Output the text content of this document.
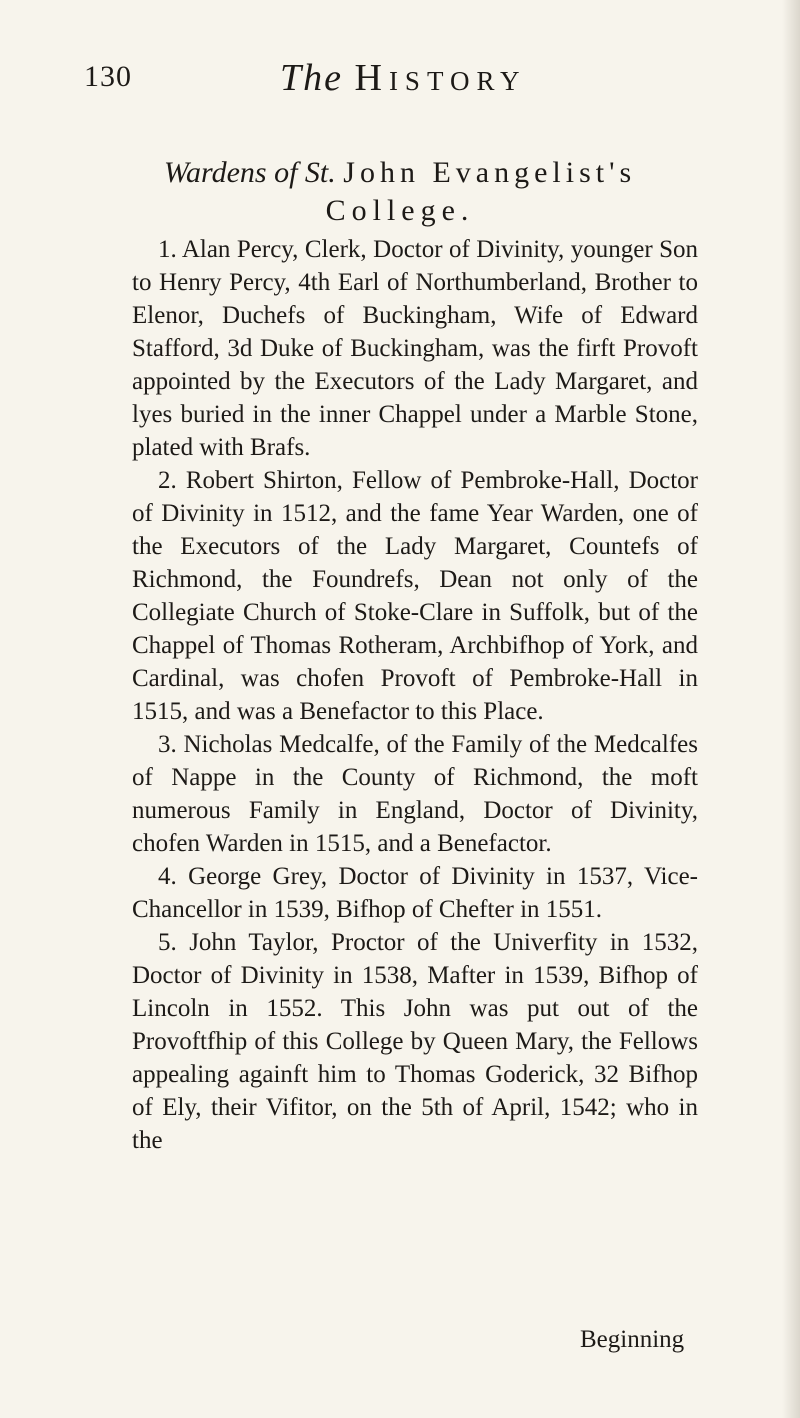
130	The History
Wardens of St. John Evangelist's
College.

1. Alan Percy, Clerk, Doctor of Divinity, younger Son to Henry Percy, 4th Earl of Northumberland, Brother to Elenor, Duchefs of Buckingham, Wife of Edward Stafford, 3d Duke of Buckingham, was the firft Provoft appointed by the Executors of the Lady Margaret, and lyes buried in the inner Chappel under a Marble Stone, plated with Brafs.

2. Robert Shirton, Fellow of Pembroke-Hall, Doctor of Divinity in 1512, and the fame Year Warden, one of the Executors of the Lady Margaret, Countefs of Richmond, the Foundrefs, Dean not only of the Collegiate Church of Stoke-Clare in Suffolk, but of the Chappel of Thomas Rotheram, Archbifhop of York, and Cardinal, was chofen Provoft of Pembroke-Hall in 1515, and was a Benefactor to this Place.

3. Nicholas Medcalfe, of the Family of the Medcalfes of Nappe in the County of Richmond, the moft numerous Family in England, Doctor of Divinity, chofen Warden in 1515, and a Benefactor.

4. George Grey, Doctor of Divinity in 1537, Vice-Chancellor in 1539, Bifhop of Chefter in 1551.

5. John Taylor, Proctor of the Univerfity in 1532, Doctor of Divinity in 1538, Mafter in 1539, Bifhop of Lincoln in 1552. This John was put out of the Provoftfhip of this College by Queen Mary, the Fellows appealing againft him to Thomas Goderick, 32 Bifhop of Ely, their Vifitor, on the 5th of April, 1542; who in the

Beginning
